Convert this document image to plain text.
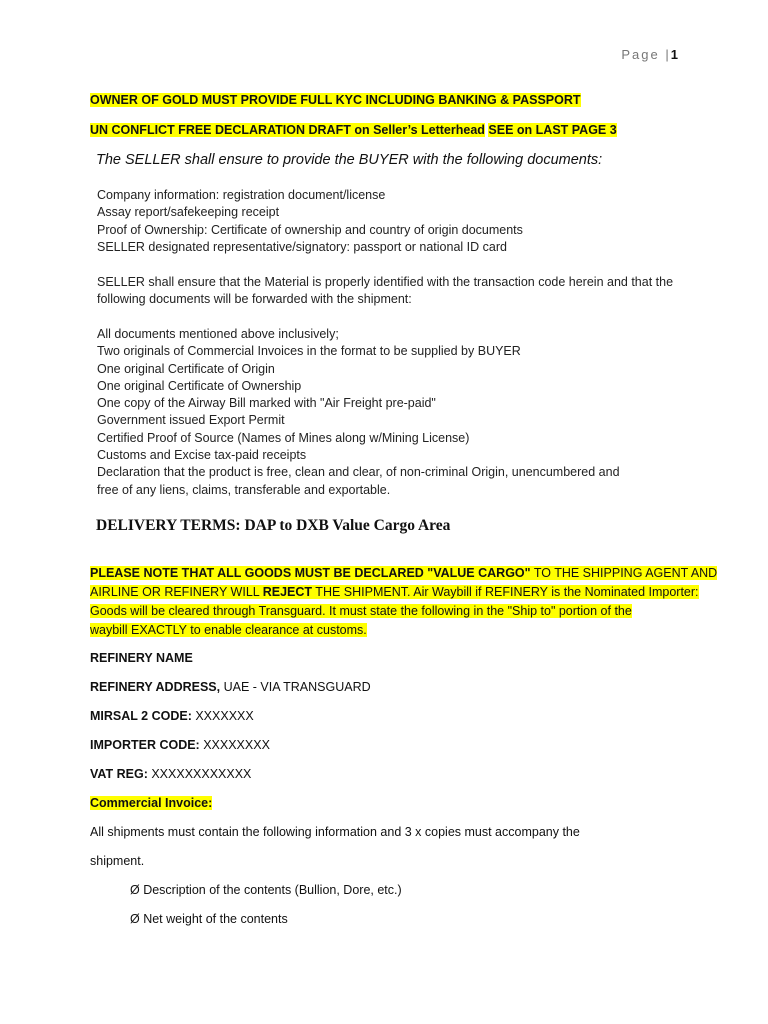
Page |1
OWNER OF GOLD MUST PROVIDE FULL KYC INCLUDING BANKING & PASSPORT
UN CONFLICT FREE DECLARATION DRAFT on Seller’s Letterhead SEE on LAST PAGE 3
The SELLER shall ensure to provide the BUYER with the following documents:
Company information: registration document/license
Assay report/safekeeping receipt
Proof of Ownership: Certificate of ownership and country of origin documents
SELLER designated representative/signatory: passport or national ID card
SELLER shall ensure that the Material is properly identified with the transaction code herein and that the
following documents will be forwarded with the shipment:
All documents mentioned above inclusively;
Two originals of Commercial Invoices in the format to be supplied by BUYER
One original Certificate of Origin
One original Certificate of Ownership
One copy of the Airway Bill marked with "Air Freight pre-paid"
Government issued Export Permit
Certified Proof of Source (Names of Mines along w/Mining License)
Customs and Excise tax-paid receipts
Declaration that the product is free, clean and clear, of non-criminal Origin, unencumbered and
free of any liens, claims, transferable and exportable.
DELIVERY TERMS: DAP to DXB Value Cargo Area
PLEASE NOTE THAT ALL GOODS MUST BE DECLARED "VALUE CARGO" TO THE SHIPPING AGENT AND
AIRLINE OR REFINERY WILL REJECT THE SHIPMENT. Air Waybill if REFINERY is the Nominated Importer:
Goods will be cleared through Transguard. It must state the following in the "Ship to" portion of the
waybill EXACTLY to enable clearance at customs.
REFINERY NAME
REFINERY ADDRESS, UAE - VIA TRANSGUARD
MIRSAL 2 CODE: XXXXXXX
IMPORTER CODE: XXXXXXXX
VAT REG: XXXXXXXXXXXX
Commercial Invoice:
All shipments must contain the following information and 3 x copies must accompany the
shipment.
Ø Description of the contents (Bullion, Dore, etc.)
Ø Net weight of the contents
